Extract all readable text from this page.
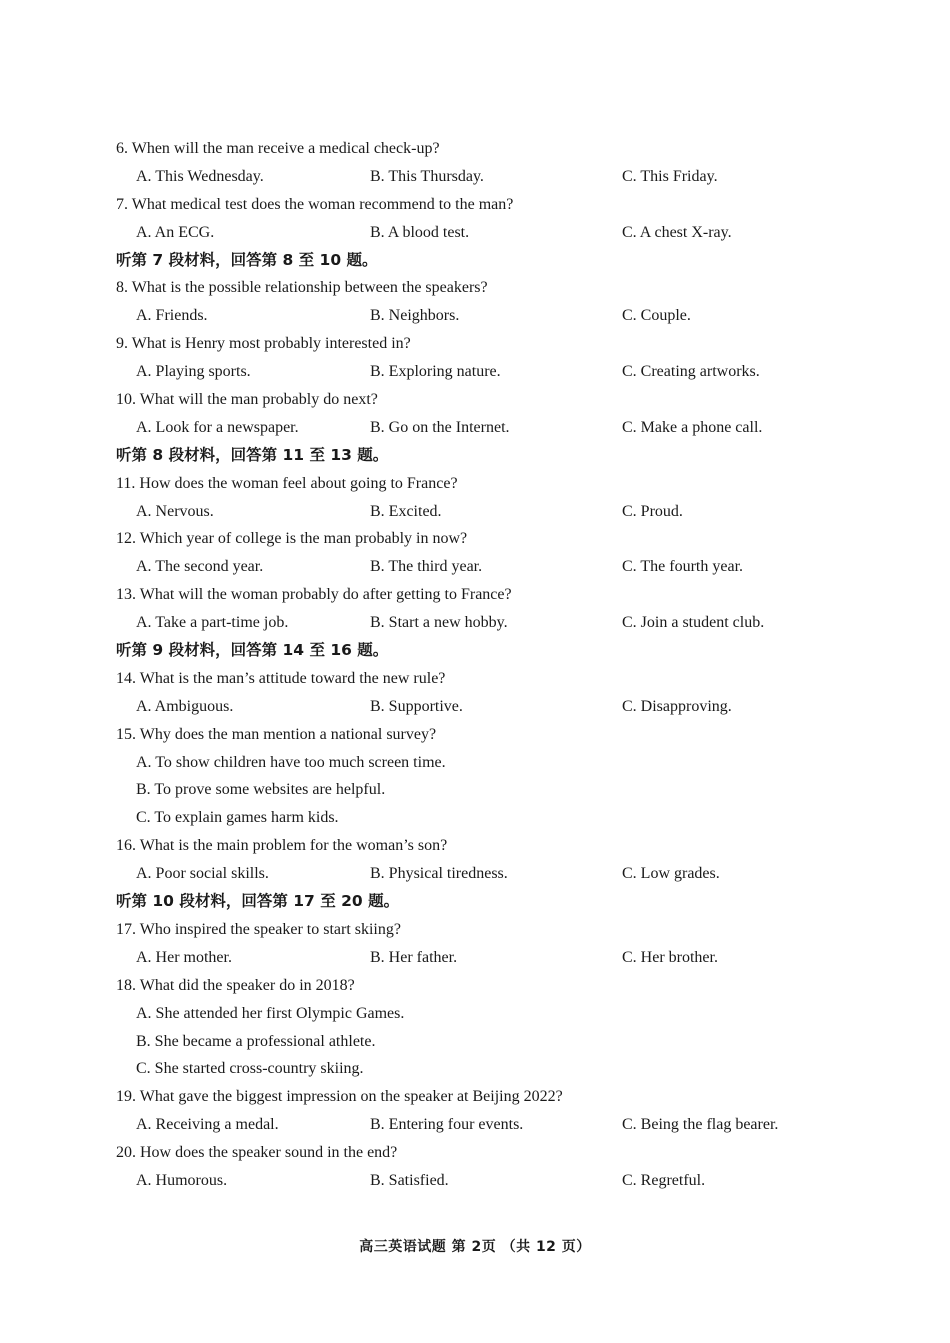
6. When will the man receive a medical check-up?
A. This Wednesday.	B. This Thursday.	C. This Friday.
7. What medical test does the woman recommend to the man?
A. An ECG.	B. A blood test.	C. A chest X-ray.
听第 7 段材料，回答第 8 至 10 题。
8. What is the possible relationship between the speakers?
A. Friends.	B. Neighbors.	C. Couple.
9. What is Henry most probably interested in?
A. Playing sports.	B. Exploring nature.	C. Creating artworks.
10. What will the man probably do next?
A. Look for a newspaper.	B. Go on the Internet.	C. Make a phone call.
听第 8 段材料，回答第 11 至 13 题。
11. How does the woman feel about going to France?
A. Nervous.	B. Excited.	C. Proud.
12. Which year of college is the man probably in now?
A. The second year.	B. The third year.	C. The fourth year.
13. What will the woman probably do after getting to France?
A. Take a part-time job.	B. Start a new hobby.	C. Join a student club.
听第 9 段材料，回答第 14 至 16 题。
14. What is the man’s attitude toward the new rule?
A. Ambiguous.	B. Supportive.	C. Disapproving.
15. Why does the man mention a national survey?
A. To show children have too much screen time.
B. To prove some websites are helpful.
C. To explain games harm kids.
16. What is the main problem for the woman’s son?
A. Poor social skills.	B. Physical tiredness.	C. Low grades.
听第 10 段材料，回答第 17 至 20 题。
17. Who inspired the speaker to start skiing?
A. Her mother.	B. Her father.	C. Her brother.
18. What did the speaker do in 2018?
A. She attended her first Olympic Games.
B. She became a professional athlete.
C. She started cross-country skiing.
19. What gave the biggest impression on the speaker at Beijing 2022?
A. Receiving a medal.	B. Entering four events.	C. Being the flag bearer.
20. How does the speaker sound in the end?
A. Humorous.	B. Satisfied.	C. Regretful.
高三英语试题 第 2页 （共 12 页）
